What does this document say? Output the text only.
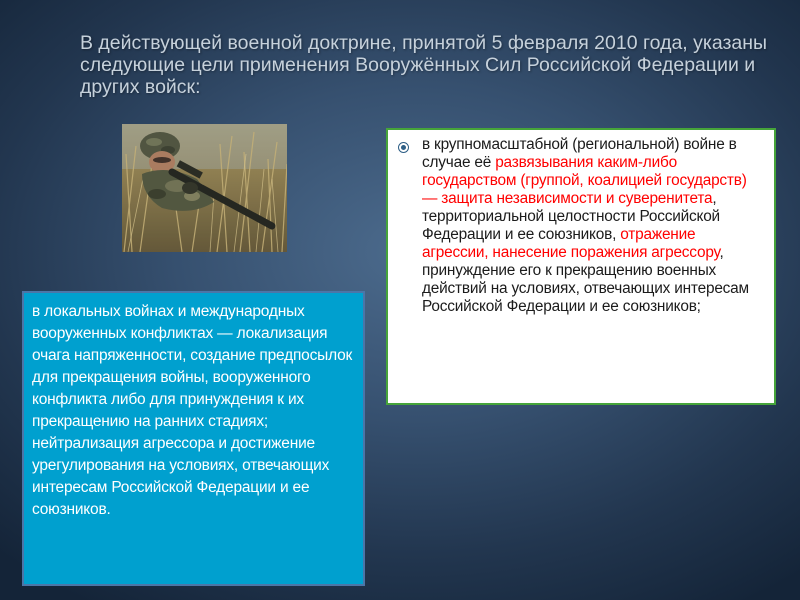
В действующей военной доктрине, принятой 5 февраля 2010 года, указаны следующие цели применения Вооружённых Сил Российской Федерации и других войск:
в крупномасштабной (региональной) войне в случае её развязывания каким-либо государством (группой, коалицией государств) — защита независимости и суверенитета, территориальной целостности Российской Федерации и ее союзников, отражение агрессии, нанесение поражения агрессору, принуждение его к прекращению военных действий на условиях, отвечающих интересам Российской Федерации и ее союзников;
в локальных войнах и международных вооруженных конфликтах — локализация очага напряженности, создание предпосылок для прекращения войны, вооруженного конфликта либо для принуждения к их прекращению на ранних стадиях; нейтрализация агрессора и достижение урегулирования на условиях, отвечающих интересам Российской Федерации и ее союзников.
